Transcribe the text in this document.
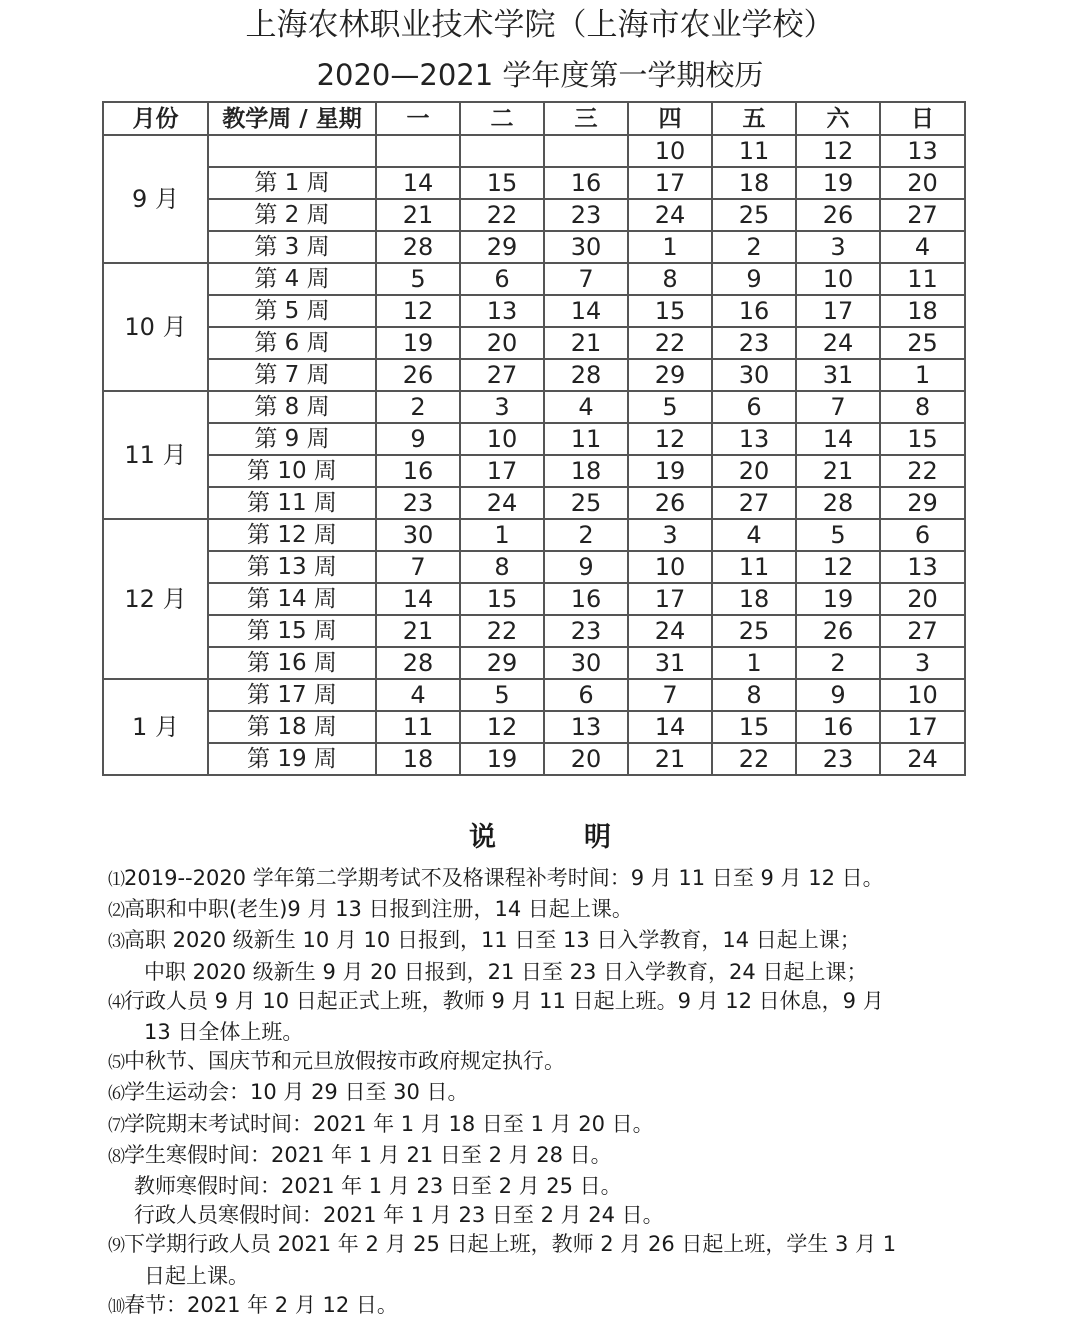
上海农林职业技术学院（上海市农业学校）
2020—2021 学年度第一学期校历
月份	教学周 / 星期	一	二	三	四	五	六	日
9 月					10	11	12	13
	第 1 周	14	15	16	17	18	19	20
	第 2 周	21	22	23	24	25	26	27
	第 3 周	28	29	30	1	2	3	4
10 月	第 4 周	5	6	7	8	9	10	11
	第 5 周	12	13	14	15	16	17	18
	第 6 周	19	20	21	22	23	24	25
	第 7 周	26	27	28	29	30	31	1
11 月	第 8 周	2	3	4	5	6	7	8
	第 9 周	9	10	11	12	13	14	15
	第 10 周	16	17	18	19	20	21	22
	第 11 周	23	24	25	26	27	28	29
12 月	第 12 周	30	1	2	3	4	5	6
	第 13 周	7	8	9	10	11	12	13
	第 14 周	14	15	16	17	18	19	20
	第 15 周	21	22	23	24	25	26	27
	第 16 周	28	29	30	31	1	2	3
1 月	第 17 周	4	5	6	7	8	9	10
	第 18 周	11	12	13	14	15	16	17
	第 19 周	18	19	20	21	22	23	24
说	明
⑴2019--2020 学年第二学期考试不及格课程补考时间：9 月 11 日至 9 月 12 日。
⑵高职和中职(老生)9 月 13 日报到注册，14 日起上课。
⑶高职 2020 级新生 10 月 10 日报到，11 日至 13 日入学教育，14 日起上课；
中职 2020 级新生 9 月 20 日报到，21 日至 23 日入学教育，24 日起上课；
⑷行政人员 9 月 10 日起正式上班，教师 9 月 11 日起上班。9 月 12 日休息，9 月
13 日全体上班。
⑸中秋节、国庆节和元旦放假按市政府规定执行。
⑹学生运动会：10 月 29 日至 30 日。
⑺学院期末考试时间：2021 年 1 月 18 日至 1 月 20 日。
⑻学生寒假时间：2021 年 1 月 21 日至 2 月 28 日。
教师寒假时间：2021 年 1 月 23 日至 2 月 25 日。
行政人员寒假时间：2021 年 1 月 23 日至 2 月 24 日。
⑼下学期行政人员 2021 年 2 月 25 日起上班，教师 2 月 26 日起上班，学生 3 月 1
日起上课。
⑽春节：2021 年 2 月 12 日。
